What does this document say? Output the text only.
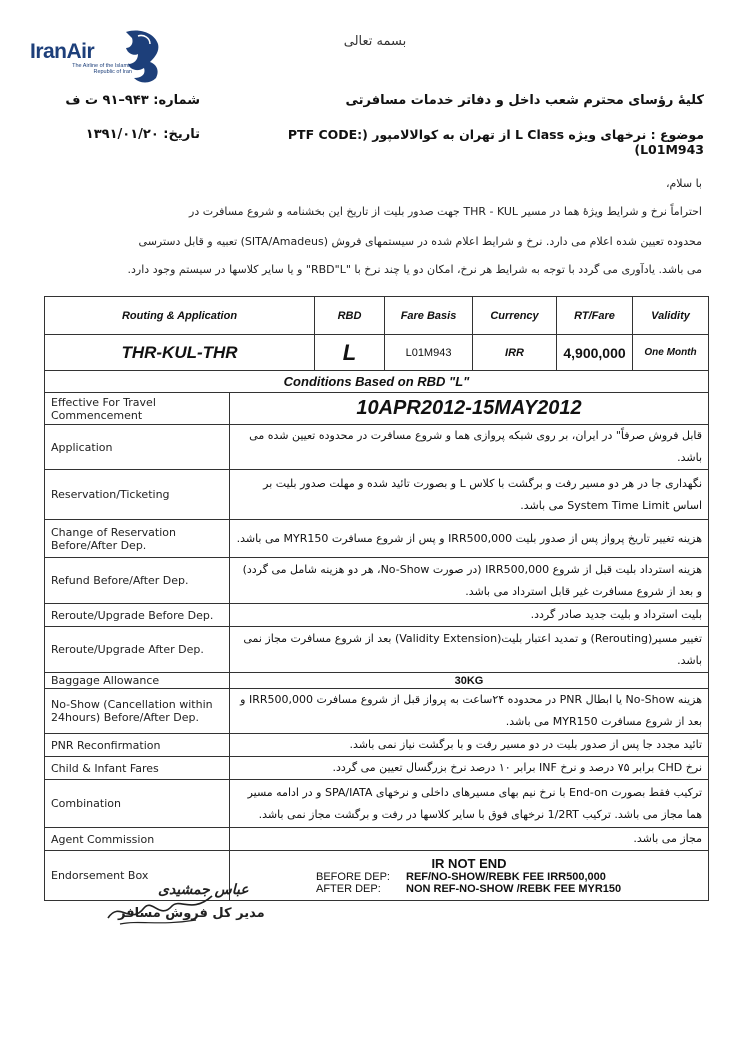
بسمه تعالی
IranAir
The Airline of the Islamic Republic of Iran
کلیهٔ رؤسای محترم شعب داخل و دفاتر خدمات مسافرتی
شماره: ۹۴۳–۹۱ ت ف
موضوع : نرخهای ویژه L Class از تهران به کوالالامپور (PTF CODE: L01M943)
تاریخ: ۱۳۹۱/۰۱/۲۰
با سلام،
احتراماً نرخ و شرایط ویژهٔ هما در مسیر THR - KUL جهت صدور بلیت از تاریخ این بخشنامه و شروع مسافرت در
محدوده تعیین شده اعلام می دارد. نرخ و شرایط اعلام شده در سیستمهای فروش (SITA/Amadeus) تعبیه و قابل دسترسی
می باشد. یادآوری می گردد با توجه به شرایط هر نرخ، امکان دو یا چند نرخ با "RBD"L" و یا سایر کلاسها در سیستم وجود دارد.
Routing & Application		RBD	Fare Basis	Currency	RT/Fare	Validity
THR-KUL-THR		L	L01M943	IRR	4,900,000	One Month
Conditions Based on RBD "L"						
Effective For Travel Commencement	10APR2012-15MAY2012					
Application	قابل فروش صرفاً" در ایران، بر روی شبکه پروازی هما و شروع مسافرت در محدوده تعیین شده می باشد.					
Reservation/Ticketing	نگهداری جا در هر دو مسیر رفت و برگشت با کلاس L و بصورت تائید شده و مهلت صدور بلیت بر اساس System Time Limit می باشد.					
Change of Reservation Before/After Dep.	هزینه تغییر تاریخ پرواز پس از صدور بلیت IRR500,000 و پس از شروع مسافرت MYR150 می باشد.					
Refund Before/After Dep.	هزینه استرداد بلیت قبل از شروع IRR500,000 (در صورت No-Show، هر دو هزینه شامل می گردد) و بعد از شروع مسافرت غیر قابل استرداد می باشد.					
Reroute/Upgrade Before Dep.	بلیت استرداد و بلیت جدید صادر گردد.					
Reroute/Upgrade After Dep.	تغییر مسیر(Rerouting) و تمدید اعتبار بلیت(Validity Extension) بعد از شروع مسافرت مجاز نمی باشد.					
Baggage Allowance	30KG					
No-Show (Cancellation within 24hours) Before/After Dep.	هزینه No-Show یا ابطال PNR در محدوده ۲۴ساعت به پرواز قبل از شروع مسافرت IRR500,000 و بعد از شروع مسافرت MYR150 می باشد.					
PNR Reconfirmation	تائید مجدد جا پس از صدور بلیت در دو مسیر رفت و با برگشت نیاز نمی باشد.					
Child & Infant Fares	نرخ CHD برابر ۷۵ درصد و نرخ INF برابر ۱۰ درصد نرخ بزرگسال تعیین می گردد.					
Combination	ترکیب فقط بصورت End-on با نرخ نیم بهای مسیرهای داخلی و نرخهای SPA/IATA و در ادامه مسیر هما مجاز می باشد. ترکیب 1/2RT نرخهای فوق با سایر کلاسها در رفت و برگشت مجاز نمی باشد.					
Agent Commission	مجاز می باشد.					
Endorsement Box	IR NOT END
BEFORE DEP: REF/NO-SHOW/REBK FEE IRR500,000
AFTER DEP: NON REF-NO-SHOW /REBK FEE MYR150					
عباس جمشیدی
مدیر کل فروش مسافر
